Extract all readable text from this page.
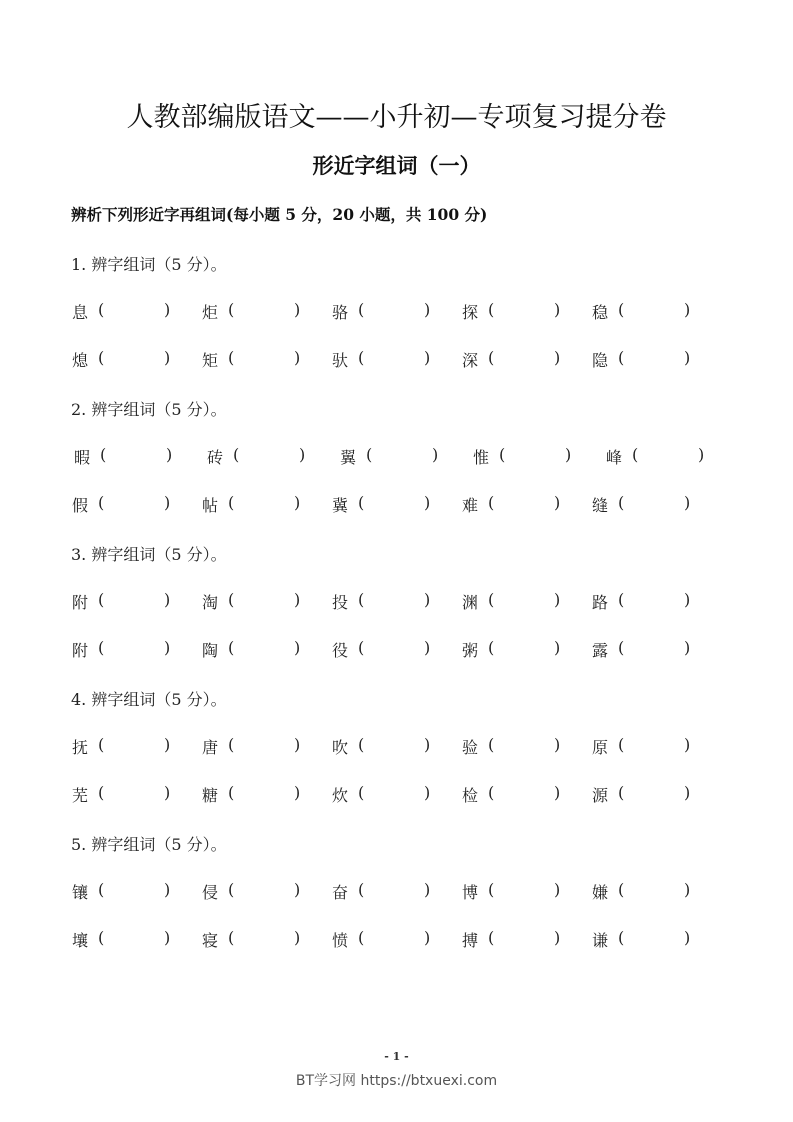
人教部编版语文——小升初—专项复习提分卷
形近字组词（一）
辨析下列形近字再组词(每小题 5 分，20 小题，共 100 分)
1. 辨字组词（5 分）。
息 (	) 炬 (	) 骆 (	) 探 (	) 稳 (	)
熄 (	) 矩 (	) 驮 (	) 深 (	) 隐 (	)
2. 辨字组词（5 分）。
暇 (	) 砖 (	) 翼 (	) 惟 (	) 峰 (	)
假 (	) 帖 (	) 冀 (	) 难 (	) 缝 (	)
3. 辨字组词（5 分）。
附 (	) 淘 (	) 投 (	) 渊 (	) 路 (	)
附 (	) 陶 (	) 役 (	) 粥 (	) 露 (	)
4. 辨字组词（5 分）。
抚 (	) 唐 (	) 吹 (	) 验 (	) 原 (	)
芜 (	) 糖 (	) 炊 (	) 检 (	) 源 (	)
5. 辨字组词（5 分）。
镶 (	) 侵 (	) 奋 (	) 博 (	) 嫌 (	)
壤 (	) 寝 (	) 愤 (	) 搏 (	) 谦 (	)
- 1 -
BT学习网 https://btxuexi.com
